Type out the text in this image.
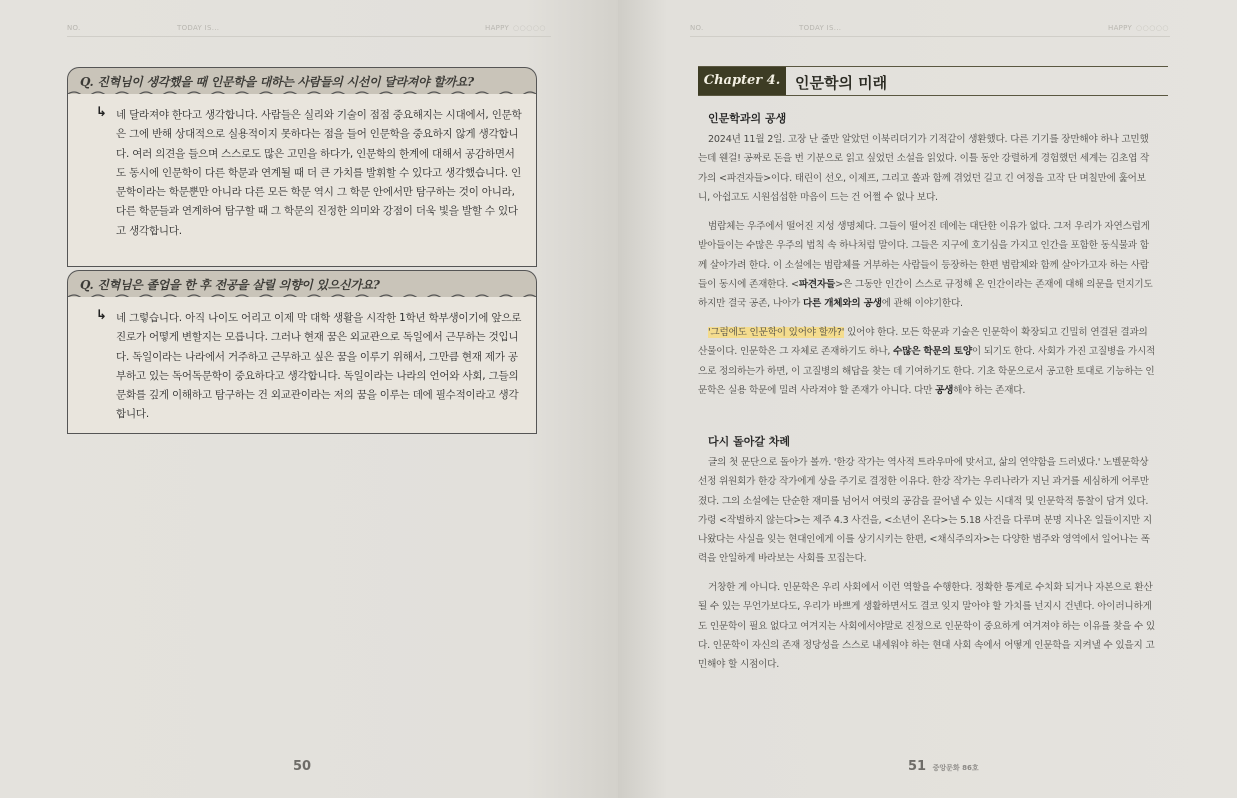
NO.	TODAY IS...	HAPPY ○○○○○
Q. 진혁님이 생각했을 때 인문학을 대하는 사람들의 시선이 달라져야 할까요?
↳ 네 달라져야 한다고 생각합니다. 사람들은 실리와 기술이 점점 중요해지는 시대에서, 인문학은 그에 반해 상대적으로 실용적이지 못하다는 점을 들어 인문학을 중요하지 않게 생각합니다. 여러 의견을 들으며 스스로도 많은 고민을 하다가, 인문학의 한계에 대해서 공감하면서도 동시에 인문학이 다른 학문과 연계될 때 더 큰 가치를 발휘할 수 있다고 생각했습니다. 인문학이라는 학문뿐만 아니라 다른 모든 학문 역시 그 학문 안에서만 탐구하는 것이 아니라, 다른 학문들과 연계하여 탐구할 때 그 학문의 진정한 의미와 강점이 더욱 빛을 발할 수 있다고 생각합니다.

Q. 진혁님은 졸업을 한 후 전공을 살릴 의향이 있으신가요?
↳ 네 그렇습니다. 아직 나이도 어리고 이제 막 대학 생활을 시작한 1학년 학부생이기에 앞으로 진로가 어떻게 변할지는 모릅니다. 그러나 현재 꿈은 외교관으로 독일에서 근무하는 것입니다. 독일이라는 나라에서 거주하고 근무하고 싶은 꿈을 이루기 위해서, 그만큼 현재 제가 공부하고 있는 독어독문학이 중요하다고 생각합니다. 독일이라는 나라의 언어와 사회, 그들의 문화를 깊게 이해하고 탐구하는 건 외교관이라는 저의 꿈을 이루는 데에 필수적이라고 생각합니다.

50
NO.	TODAY IS...	HAPPY ○○○○○
Chapter 4. 인문학의 미래
인문학과의 공생

2024년 11월 2일. 고장 난 줄만 알았던 이북리더기가 기적같이 생환했다. 다른 기기를 장만해야 하나 고민했는데 웬걸! 공짜로 돈을 번 기분으로 읽고 싶었던 소설을 읽었다. 이틀 동안 강렬하게 경험했던 세계는 김초엽 작가의 <파견자들>이다. 태린이 선오, 이제프, 그리고 쏠과 함께 겪었던 길고 긴 여정을 고작 단 며칠만에 훑어보니, 아쉽고도 시원섭섭한 마음이 드는 건 어쩔 수 없나 보다.

범람체는 우주에서 떨어진 지성 생명체다. 그들이 떨어진 데에는 대단한 이유가 없다. 그저 우리가 자연스럽게 받아들이는 수많은 우주의 법칙 속 하나처럼 말이다. 그들은 지구에 호기심을 가지고 인간을 포함한 동식물과 함께 살아가려 한다. 이 소설에는 범람체를 거부하는 사람들이 등장하는 한편 범람체와 함께 살아가고자 하는 사람들이 동시에 존재한다. <파견자들>은 그동안 인간이 스스로 규정해 온 인간이라는 존재에 대해 의문을 던지기도 하지만 결국 공존, 나아가 다른 개체와의 공생에 관해 이야기한다.

'그럼에도 인문학이 있어야 할까?' 있어야 한다. 모든 학문과 기술은 인문학이 확장되고 긴밀히 연결된 결과의 산물이다. 인문학은 그 자체로 존재하기도 하나, 수많은 학문의 토양이 되기도 한다. 사회가 가진 고질병을 가시적으로 정의하는가 하면, 이 고질병의 해답을 찾는 데 기여하기도 한다. 기초 학문으로서 공고한 토대로 기능하는 인문학은 실용 학문에 밀려 사라져야 할 존재가 아니다. 다만 공생해야 하는 존재다.

다시 돌아갈 차례

글의 첫 문단으로 돌아가 볼까. '한강 작가는 역사적 트라우마에 맞서고, 삶의 연약함을 드러냈다.' 노벨문학상 선정 위원회가 한강 작가에게 상을 주기로 결정한 이유다. 한강 작가는 우리나라가 지닌 과거를 세심하게 어루만졌다. 그의 소설에는 단순한 재미를 넘어서 여럿의 공감을 끌어낼 수 있는 시대적 및 인문학적 통찰이 담겨 있다. 가령 <작별하지 않는다>는 제주 4.3 사건을, <소년이 온다>는 5.18 사건을 다루며 분명 지나온 일들이지만 지나왔다는 사실을 잊는 현대인에게 이를 상기시키는 한편, <채식주의자>는 다양한 범주와 영역에서 일어나는 폭력을 안일하게 바라보는 사회를 꼬집는다.

거창한 게 아니다. 인문학은 우리 사회에서 이런 역할을 수행한다. 정확한 통계로 수치화 되거나 자본으로 환산될 수 있는 무언가보다도, 우리가 바쁘게 생활하면서도 결코 잊지 말아야 할 가치를 넌지시 건넨다. 아이러니하게도 인문학이 필요 없다고 여겨지는 사회에서야말로 진정으로 인문학이 중요하게 여겨져야 하는 이유를 찾을 수 있다. 인문학이 자신의 존재 정당성을 스스로 내세워야 하는 현대 사회 속에서 어떻게 인문학을 지켜낼 수 있을지 고민해야 할 시점이다.

51 중앙문화 86호
